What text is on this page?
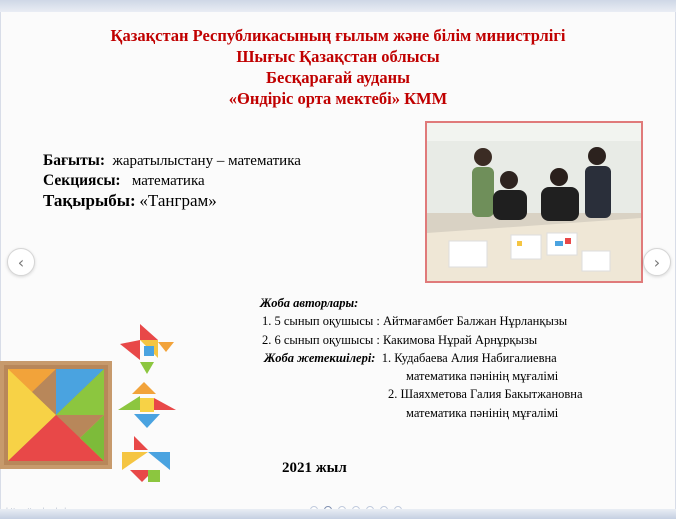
Қазақстан Республикасының ғылым және білім министрлігі
Шығыс Қазақстан облысы
Бесқарағай ауданы
«Өндіріс орта мектебі» КММ
Бағыты: жаратылыстану – математика
Секциясы: математика
Тақырыбы: «Танграм»
‹	›
Жоба авторлары:
1. 5 сынып оқушысы : Айтмағамбет Балжан Нұрланқызы
2. 6 сынып оқушысы : Какимова Нұрай Арнұрқызы
Жоба жетекшілері: 1. Кудабаева Алия Набигалиевна
математика пәнінің мұғалімі
2. Шаяхметова Галия Бакытжановна
математика пәнінің мұғалімі
2021 жыл
